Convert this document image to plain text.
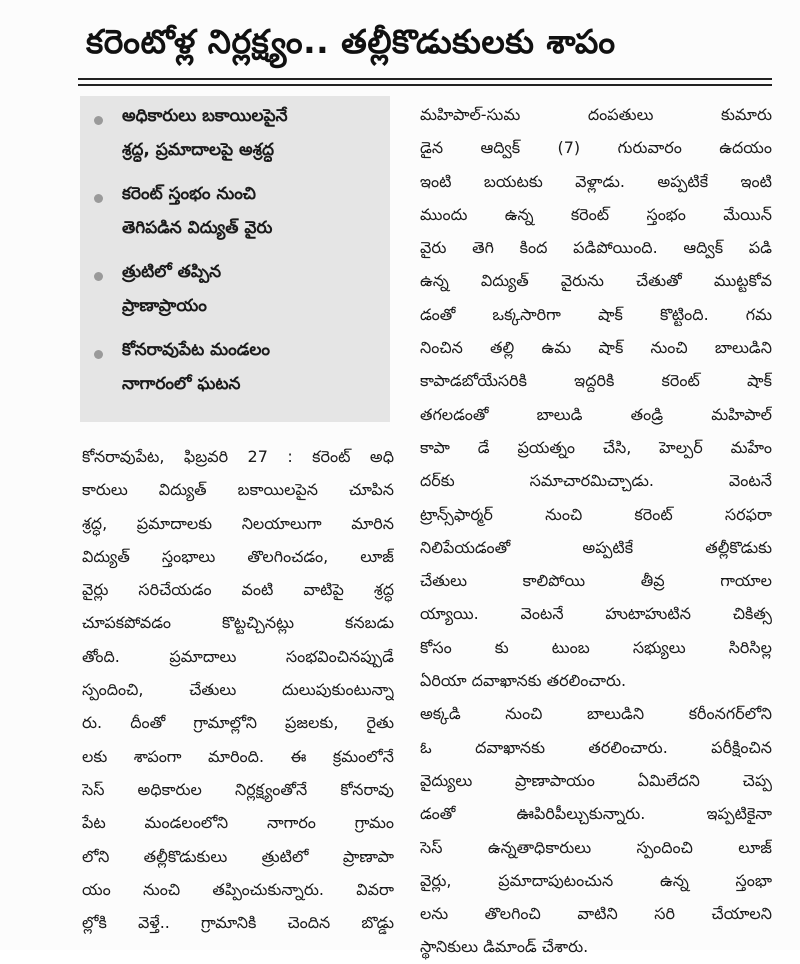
కరెంటోళ్ల నిర్లక్ష్యం.. తల్లీకొడుకులకు శాపం
అధికారులు బకాయిలపైనే
శ్రద్ధ, ప్రమాదాలపై అశ్రద్ధ
కరెంట్ స్తంభం నుంచి
తెగిపడిన విద్యుత్ వైరు
త్రుటిలో తప్పిన
ప్రాణాప్రాయం
కోనరావుపేట మండలం
నాగారంలో ఘటన
కోనరావుపేట, ఫిబ్రవరి 27 : కరెంట్ అధి
కారులు విద్యుత్ బకాయిలపైన చూపిన
శ్రద్ధ, ప్రమాదాలకు నిలయాలుగా మారిన
విద్యుత్ స్తంభాలు తొలగించడం, లూజ్
వైర్లు సరిచేయడం వంటి వాటిపై శ్రద్ధ
చూపకపోవడం కొట్టచ్చినట్లు కనబడు
తోంది. ప్రమాదాలు సంభవించినప్పుడే
స్పందించి, చేతులు దులుపుకుంటున్నా
రు. దీంతో గ్రామాల్లోని ప్రజలకు, రైతు
లకు శాపంగా మారింది. ఈ క్రమంలోనే
సెస్ అధికారుల నిర్లక్ష్యంతోనే కోనరావు
పేట మండలంలోని నాగారం గ్రామం
లోని తల్లీకొడుకులు త్రుటిలో ప్రాణాపా
యం నుంచి తప్పించుకున్నారు. వివరా
ల్లోకి వెళ్తే.. గ్రామానికి చెందిన బొడ్డు
మహిపాల్-సుమ దంపతులు కుమారు
డైన ఆద్విక్ (7) గురువారం ఉదయం
ఇంటి బయటకు వెళ్లాడు. అప్పటికే ఇంటి
ముందు ఉన్న కరెంట్ స్తంభం మేయిన్
వైరు తెగి కింద పడిపోయింది. ఆద్విక్ పడి
ఉన్న విద్యుత్ వైరును చేతుతో ముట్టకోవ
డంతో ఒక్కసారిగా షాక్ కొట్టింది. గమ
నించిన తల్లి ఉమ షాక్ నుంచి బాలుడిని
కాపాడబోయేసరికి ఇద్దరికి కరెంట్ షాక్
తగలడంతో బాలుడి తండ్రి మహిపాల్
కాపా డే ప్రయత్నం చేసి, హెల్పర్ మహేం
దర్‌కు సమాచారమిచ్చాడు. వెంటనే
ట్రాన్స్‌ఫార్మర్ నుంచి కరెంట్ సరఫరా
నిలిపేయడంతో అప్పటికే తల్లీకొడుకు
చేతులు కాలిపోయి తీవ్ర గాయాల
య్యాయి. వెంటనే హుటాహుటిన చికిత్స
కోసం కు టుంబ సభ్యులు సిరిసిల్ల
ఏరియా దవాఖానకు తరలించారు.
అక్కడి నుంచి బాలుడిని కరీంనగర్‌లోని
ఓ దవాఖానకు తరలించారు. పరీక్షించిన
వైద్యులు ప్రాణాపాయం ఏమిలేదని చెప్ప
డంతో ఊపిరిపీల్చుకున్నారు. ఇప్పటికైనా
సెస్ ఉన్నతాధికారులు స్పందించి లూజ్
వైర్లు, ప్రమాదాపుటంచున ఉన్న స్తంభా
లను తొలగించి వాటిని సరి చేయాలని
స్థానికులు డిమాండ్ చేశారు.
